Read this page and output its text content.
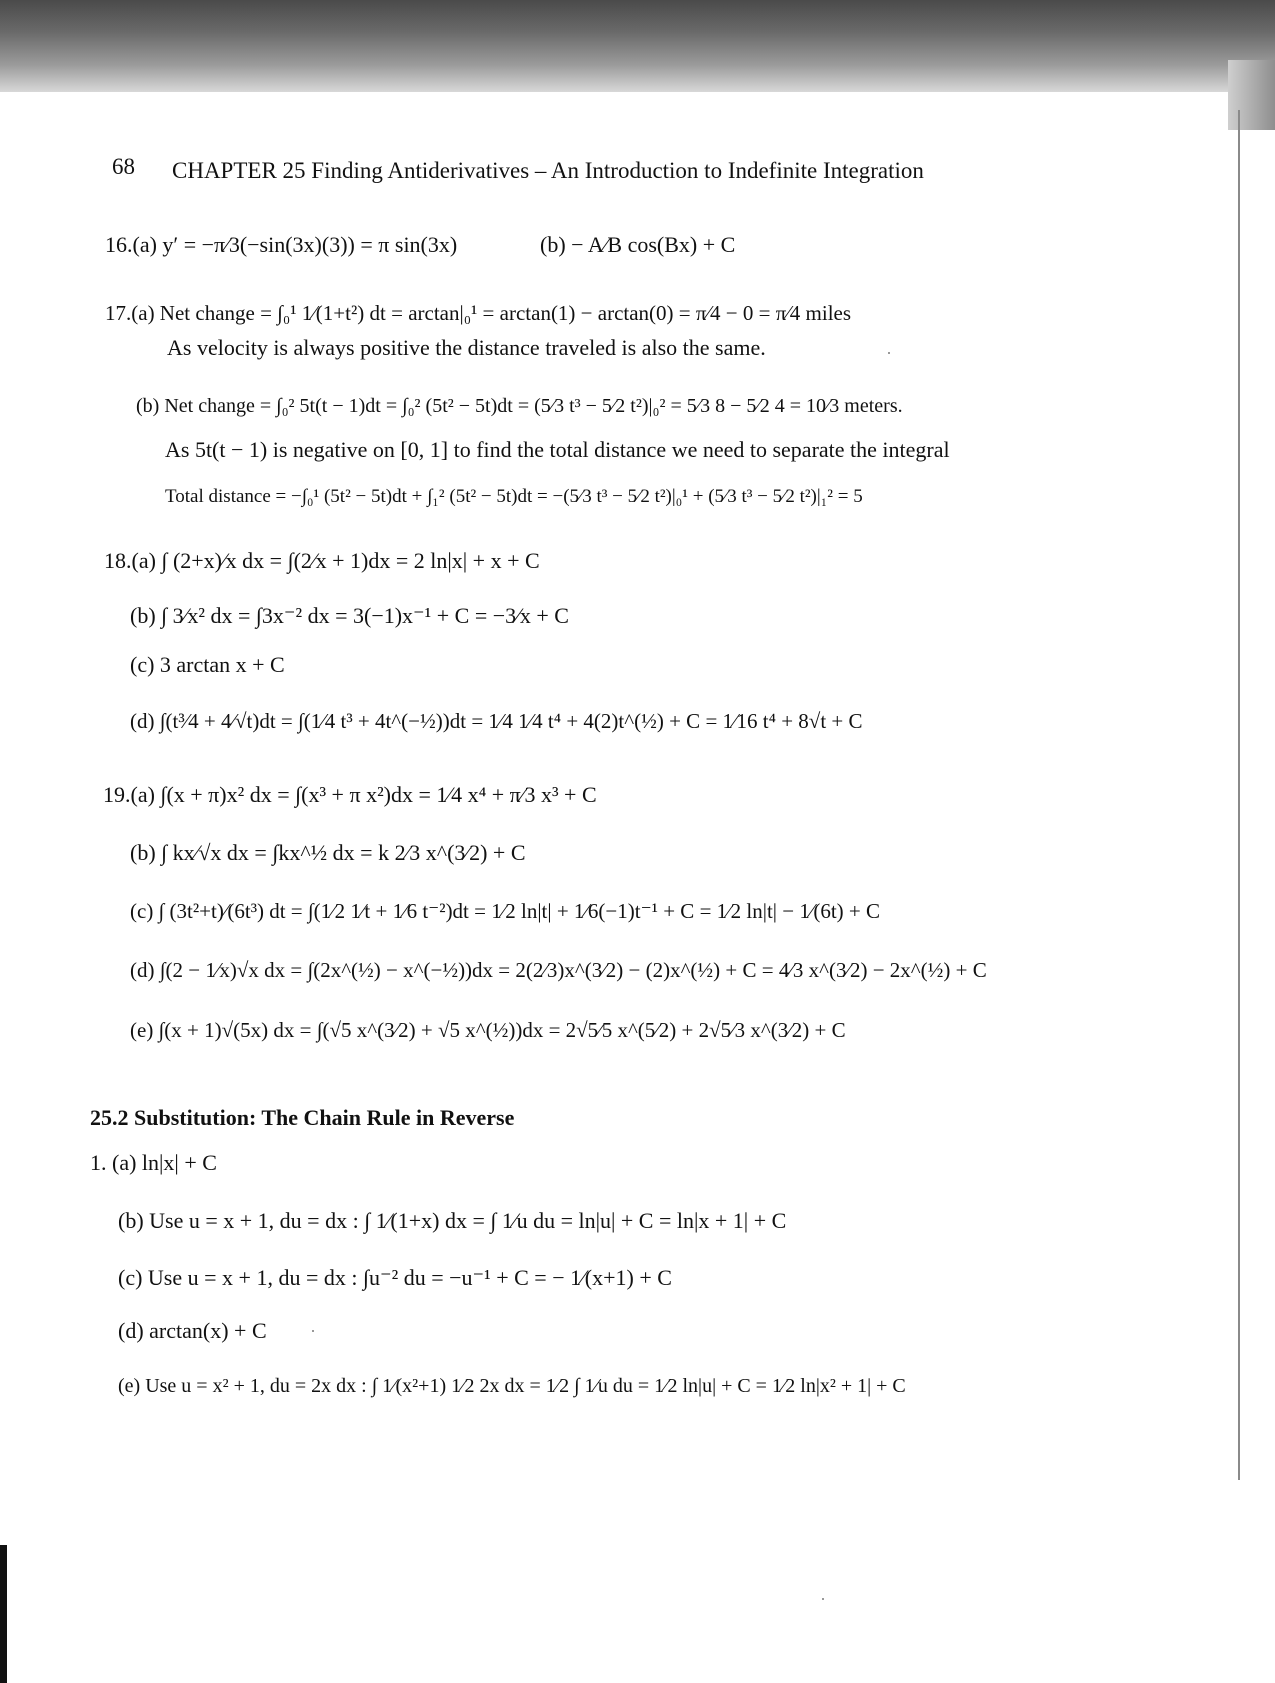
68 CHAPTER 25 Finding Antiderivatives – An Introduction to Indefinite Integration
16.(a) y′ = −π⁄3(−sin(3x)(3)) = π sin(3x)	(b) − A⁄B cos(Bx) + C
17.(a) Net change = ∫₀¹ 1⁄(1+t²) dt = arctan|₀¹ = arctan(1) − arctan(0) = π⁄4 − 0 = π⁄4 miles
As velocity is always positive the distance traveled is also the same.
(b) Net change = ∫₀² 5t(t − 1)dt = ∫₀² (5t² − 5t)dt = (5⁄3 t³ − 5⁄2 t²)|₀² = 5⁄3 8 − 5⁄2 4 = 10⁄3 meters.
As 5t(t − 1) is negative on [0, 1] to find the total distance we need to separate the integral
Total distance = −∫₀¹ (5t² − 5t)dt + ∫₁² (5t² − 5t)dt = −(5⁄3 t³ − 5⁄2 t²)|₀¹ + (5⁄3 t³ − 5⁄2 t²)|₁² = 5
18.(a) ∫ (2+x)⁄x dx = ∫(2⁄x + 1)dx = 2 ln|x| + x + C
(b) ∫ 3⁄x² dx = ∫3x⁻² dx = 3(−1)x⁻¹ + C = −3⁄x + C
(c) 3 arctan x + C
(d) ∫(t³⁄4 + 4⁄√t)dt = ∫(1⁄4 t³ + 4t^(−½))dt = 1⁄4 1⁄4 t⁴ + 4(2)t^(½) + C = 1⁄16 t⁴ + 8√t + C
19.(a) ∫(x + π)x² dx = ∫(x³ + π x²)dx = 1⁄4 x⁴ + π⁄3 x³ + C
(b) ∫ kx⁄√x dx = ∫kx^½ dx = k 2⁄3 x^(3⁄2) + C
(c) ∫ (3t²+t)⁄(6t³) dt = ∫(1⁄2 1⁄t + 1⁄6 t⁻²)dt = 1⁄2 ln|t| + 1⁄6(−1)t⁻¹ + C = 1⁄2 ln|t| − 1⁄(6t) + C
(d) ∫(2 − 1⁄x)√x dx = ∫(2x^(½) − x^(−½))dx = 2(2⁄3)x^(3⁄2) − (2)x^(½) + C = 4⁄3 x^(3⁄2) − 2x^(½) + C
(e) ∫(x + 1)√(5x) dx = ∫(√5 x^(3⁄2) + √5 x^(½))dx = 2√5⁄5 x^(5⁄2) + 2√5⁄3 x^(3⁄2) + C
25.2 Substitution: The Chain Rule in Reverse
1. (a) ln|x| + C
(b) Use u = x + 1, du = dx : ∫ 1⁄(1+x) dx = ∫ 1⁄u du = ln|u| + C = ln|x + 1| + C
(c) Use u = x + 1, du = dx : ∫u⁻² du = −u⁻¹ + C = − 1⁄(x+1) + C
(d) arctan(x) + C
(e) Use u = x² + 1, du = 2x dx : ∫ 1⁄(x²+1) 1⁄2 2x dx = 1⁄2 ∫ 1⁄u du = 1⁄2 ln|u| + C = 1⁄2 ln|x² + 1| + C
